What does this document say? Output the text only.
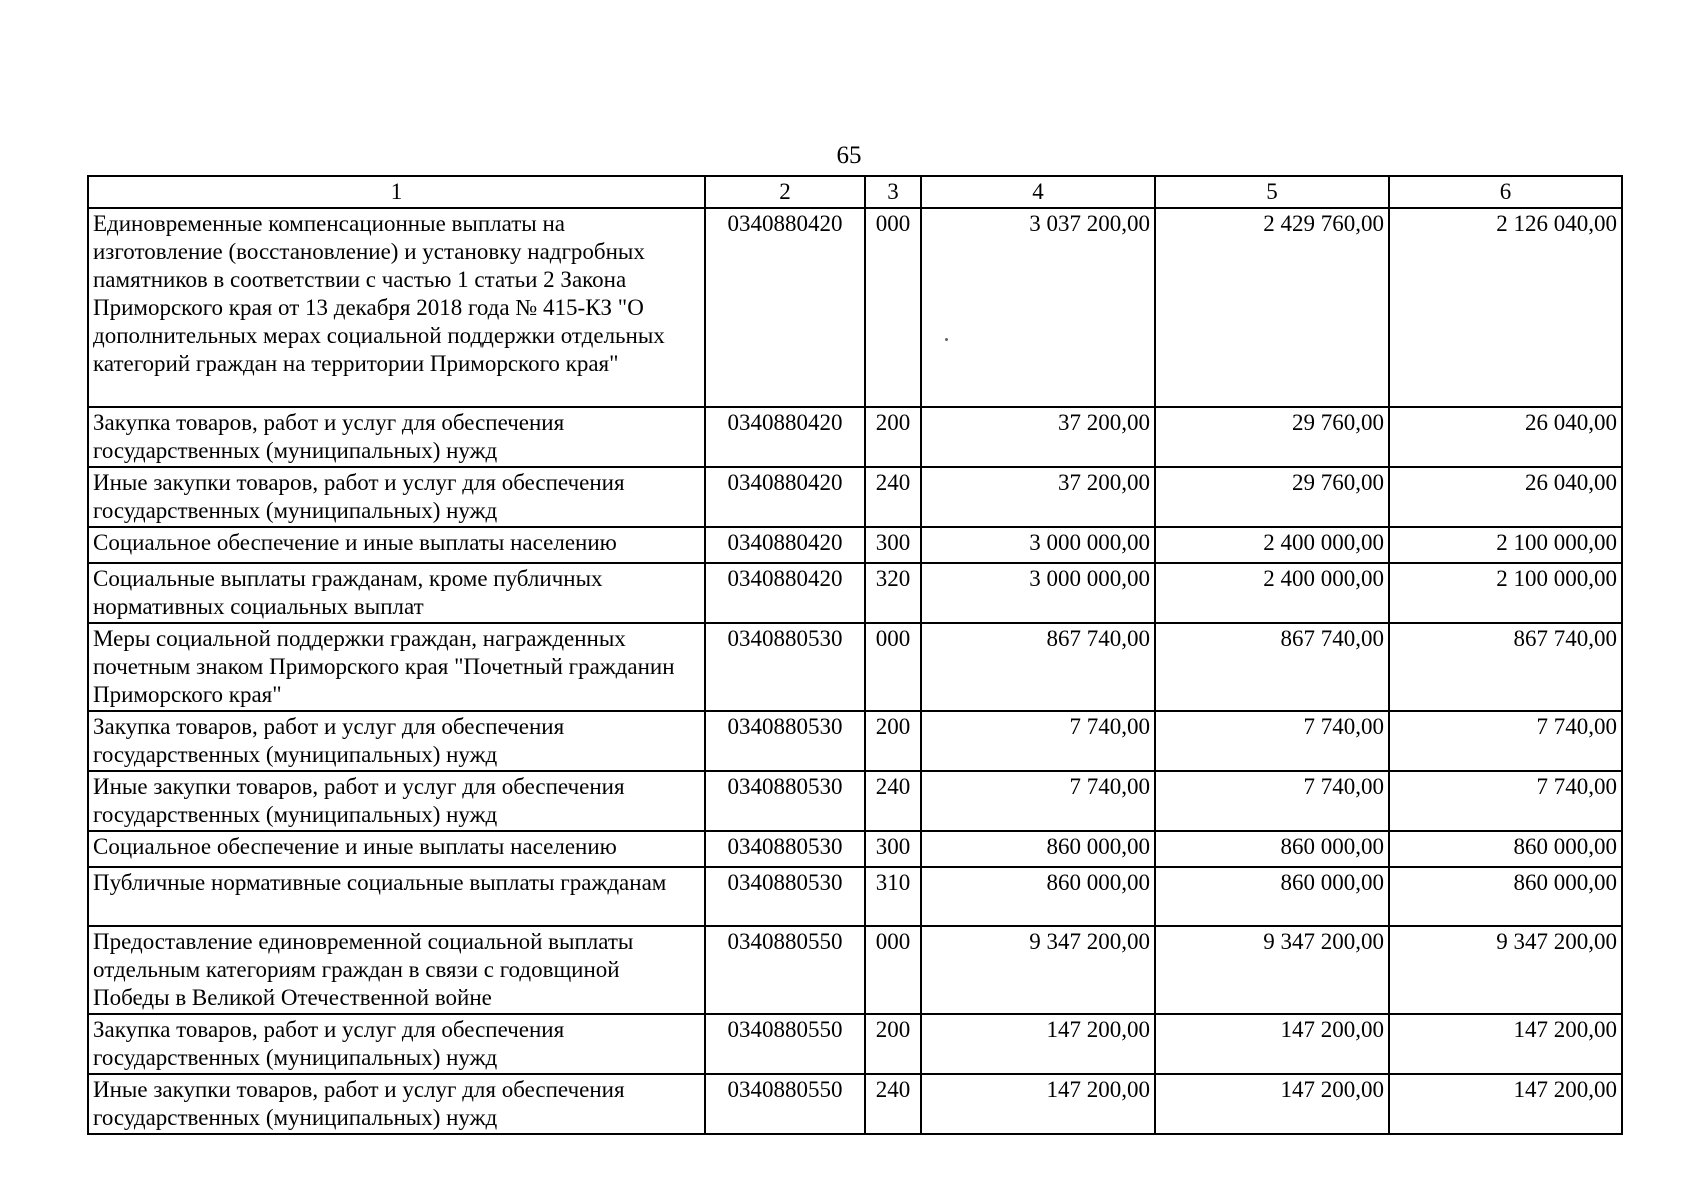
65
1	2	3	4	5	6
Единовременные компенсационные выплаты на изготовление (восстановление) и установку надгробных памятников в соответствии с частью 1 статьи 2 Закона Приморского края от 13 декабря 2018 года № 415-КЗ "О дополнительных мерах социальной поддержки отдельных категорий граждан на территории Приморского края"	0340880420	000	3 037 200,00	2 429 760,00	2 126 040,00
Закупка товаров, работ и услуг для обеспечения государственных (муниципальных) нужд	0340880420	200	37 200,00	29 760,00	26 040,00
Иные закупки товаров, работ и услуг для обеспечения государственных (муниципальных) нужд	0340880420	240	37 200,00	29 760,00	26 040,00
Социальное обеспечение и иные выплаты населению	0340880420	300	3 000 000,00	2 400 000,00	2 100 000,00
Социальные выплаты гражданам, кроме публичных нормативных социальных выплат	0340880420	320	3 000 000,00	2 400 000,00	2 100 000,00
Меры социальной поддержки граждан, награжденных почетным знаком Приморского края "Почетный гражданин Приморского края"	0340880530	000	867 740,00	867 740,00	867 740,00
Закупка товаров, работ и услуг для обеспечения государственных (муниципальных) нужд	0340880530	200	7 740,00	7 740,00	7 740,00
Иные закупки товаров, работ и услуг для обеспечения государственных (муниципальных) нужд	0340880530	240	7 740,00	7 740,00	7 740,00
Социальное обеспечение и иные выплаты населению	0340880530	300	860 000,00	860 000,00	860 000,00
Публичные нормативные социальные выплаты гражданам	0340880530	310	860 000,00	860 000,00	860 000,00
Предоставление единовременной социальной выплаты отдельным категориям граждан в связи с годовщиной Победы в Великой Отечественной войне	0340880550	000	9 347 200,00	9 347 200,00	9 347 200,00
Закупка товаров, работ и услуг для обеспечения государственных (муниципальных) нужд	0340880550	200	147 200,00	147 200,00	147 200,00
Иные закупки товаров, работ и услуг для обеспечения государственных (муниципальных) нужд	0340880550	240	147 200,00	147 200,00	147 200,00
